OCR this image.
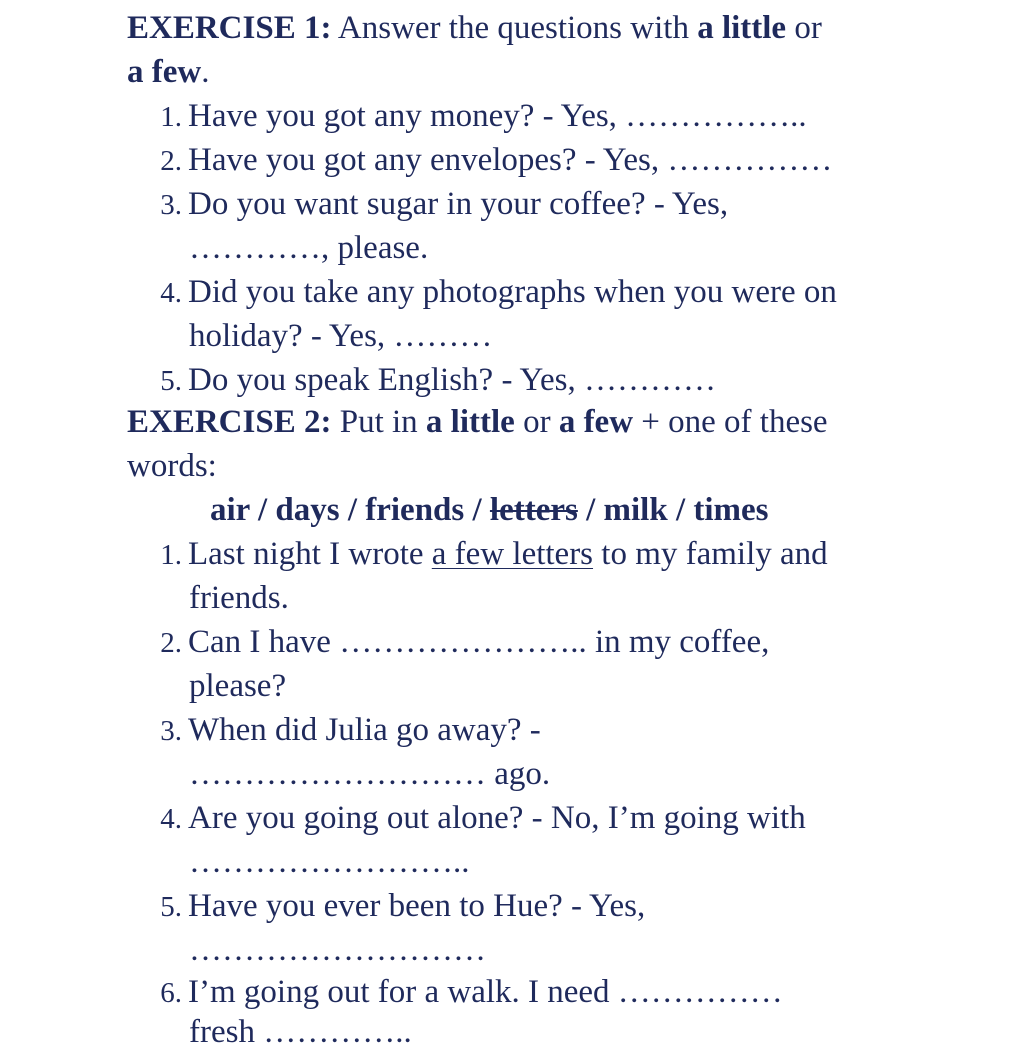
EXERCISE 1: Answer the questions with a little or
a few.
1. Have you got any money? - Yes, ……………..
2. Have you got any envelopes? - Yes, ……………
3. Do you want sugar in your coffee? - Yes,
…………, please.
4. Did you take any photographs when you were on
holiday? - Yes, ………
5. Do you speak English? - Yes, …………
EXERCISE 2: Put in a little or a few + one of these
words:
air / days / friends / letters / milk / times
1. Last night I wrote a few letters to my family and
friends.
2. Can I have ………………….. in my coffee,
please?
3. When did Julia go away? -
……………………… ago.
4. Are you going out alone? - No, I’m going with
……………………..
5. Have you ever been to Hue? - Yes,
………………………
6. I’m going out for a walk. I need ……………
fresh …………..
